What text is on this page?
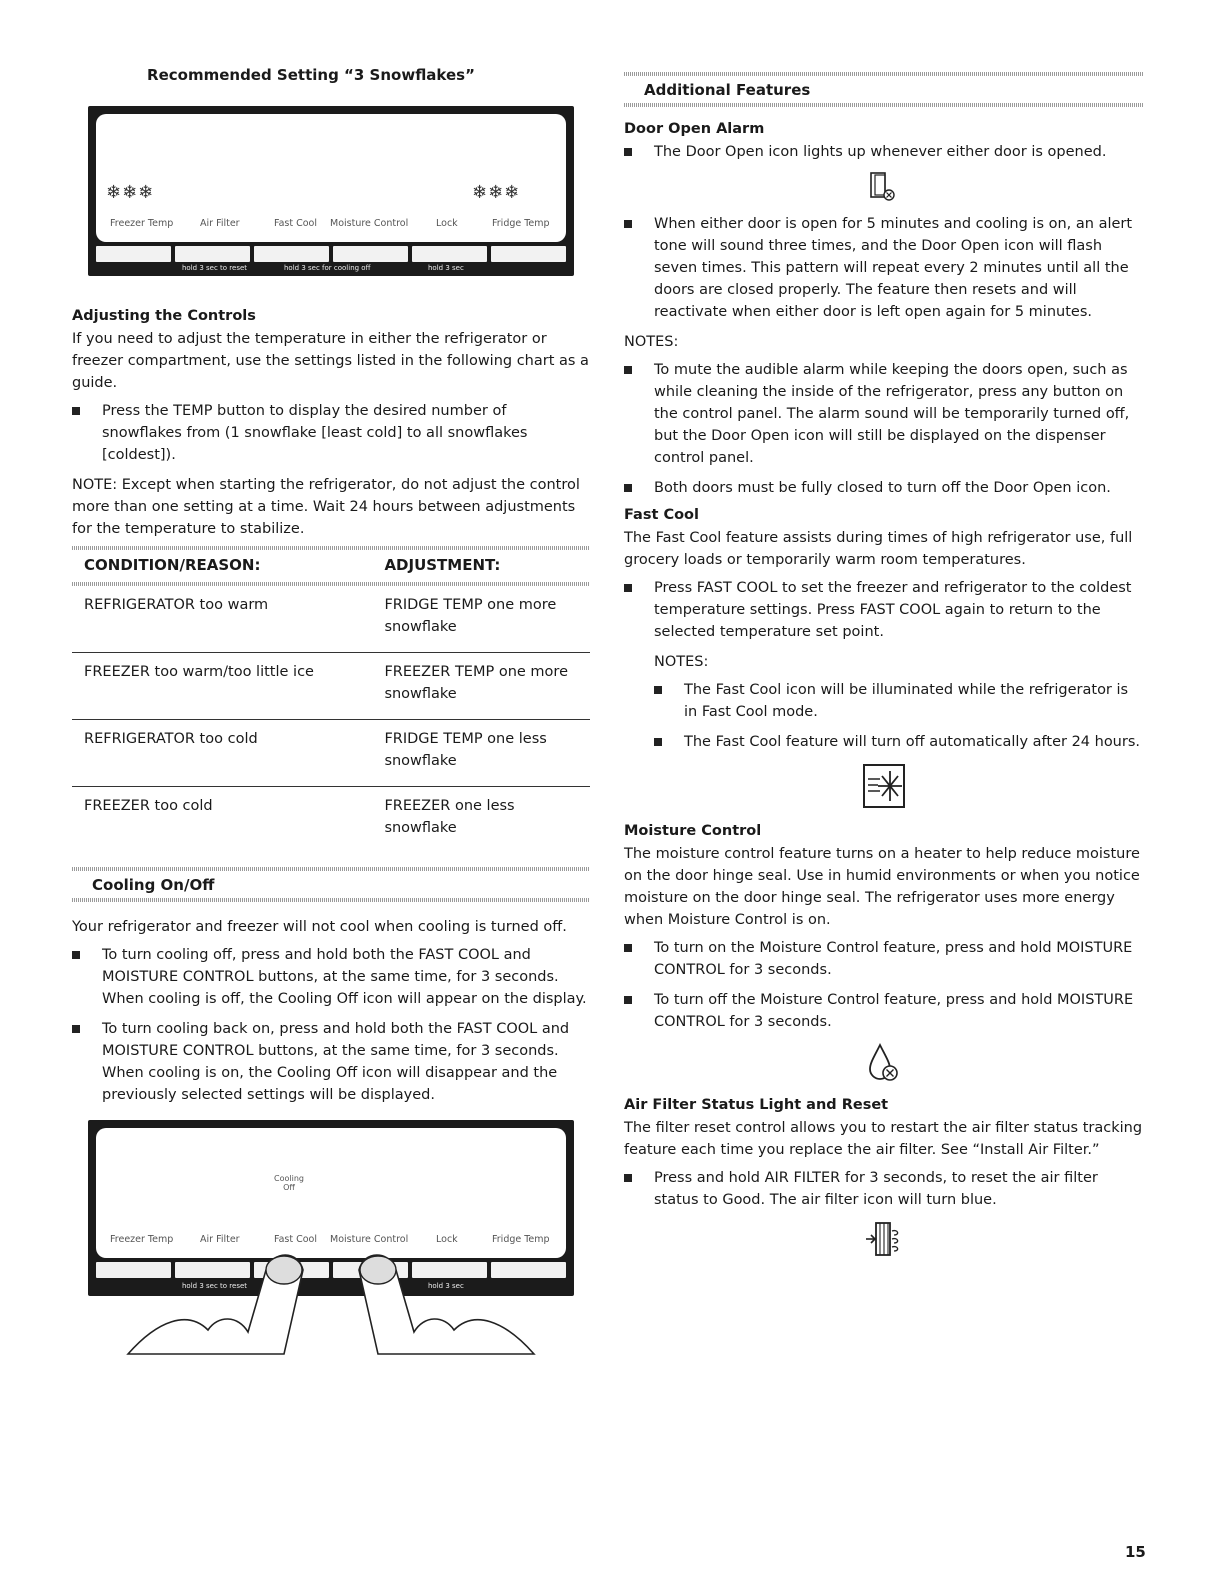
Recommended Setting “3 Snowflakes”
❄❄❄	❄❄❄
Freezer Temp	Air Filter	Fast Cool Moisture Control	Lock	Fridge Temp
hold 3 sec to reset	hold 3 sec for cooling off	hold 3 sec
Adjusting the Controls

If you need to adjust the temperature in either the refrigerator or freezer compartment, use the settings listed in the following chart as a guide.

Press the TEMP button to display the desired number of snowflakes from (1 snowflake [least cold] to all snowflakes [coldest]).

NOTE: Except when starting the refrigerator, do not adjust the control more than one setting at a time. Wait 24 hours between adjustments for the temperature to stabilize.

CONDITION/REASON:	ADJUSTMENT:

REFRIGERATOR too warm	FRIDGE TEMP one more snowflake
FREEZER too warm/too little ice	FREEZER TEMP one more snowflake
REFRIGERATOR too cold	FRIDGE TEMP one less snowflake
FREEZER too cold	FREEZER one less snowflake
Cooling On/Off

Your refrigerator and freezer will not cool when cooling is turned off.

To turn cooling off, press and hold both the FAST COOL and MOISTURE CONTROL buttons, at the same time, for 3 seconds. When cooling is off, the Cooling Off icon will appear on the display.
To turn cooling back on, press and hold both the FAST COOL and MOISTURE CONTROL buttons, at the same time, for 3 seconds. When cooling is on, the Cooling Off icon will disappear and the previously selected settings will be displayed.
Cooling
Off
Freezer Temp	Air Filter	Fast Cool Moisture Control	Lock	Fridge Temp
hold 3 sec to reset	hold 3 sec
Additional Features
Door Open Alarm
The Door Open icon lights up whenever either door is opened.
When either door is open for 5 minutes and cooling is on, an alert tone will sound three times, and the Door Open icon will flash seven times. This pattern will repeat every 2 minutes until all the doors are closed properly. The feature then resets and will reactivate when either door is left open again for 5 minutes.

NOTES:

To mute the audible alarm while keeping the doors open, such as while cleaning the inside of the refrigerator, press any button on the control panel. The alarm sound will be temporarily turned off, but the Door Open icon will still be displayed on the dispenser control panel.
Both doors must be fully closed to turn off the Door Open icon.
Fast Cool

The Fast Cool feature assists during times of high refrigerator use, full grocery loads or temporarily warm room temperatures.

Press FAST COOL to set the freezer and refrigerator to the coldest temperature settings. Press FAST COOL again to return to the selected temperature set point.

NOTES:

The Fast Cool icon will be illuminated while the refrigerator is in Fast Cool mode.
The Fast Cool feature will turn off automatically after 24 hours.
Moisture Control

The moisture control feature turns on a heater to help reduce moisture on the door hinge seal. Use in humid environments or when you notice moisture on the door hinge seal. The refrigerator uses more energy when Moisture Control is on.

To turn on the Moisture Control feature, press and hold MOISTURE CONTROL for 3 seconds.
To turn off the Moisture Control feature, press and hold MOISTURE CONTROL for 3 seconds.
Air Filter Status Light and Reset

The filter reset control allows you to restart the air filter status tracking feature each time you replace the air filter. See “Install Air Filter.”

Press and hold AIR FILTER for 3 seconds, to reset the air filter status to Good. The air filter icon will turn blue.
15
